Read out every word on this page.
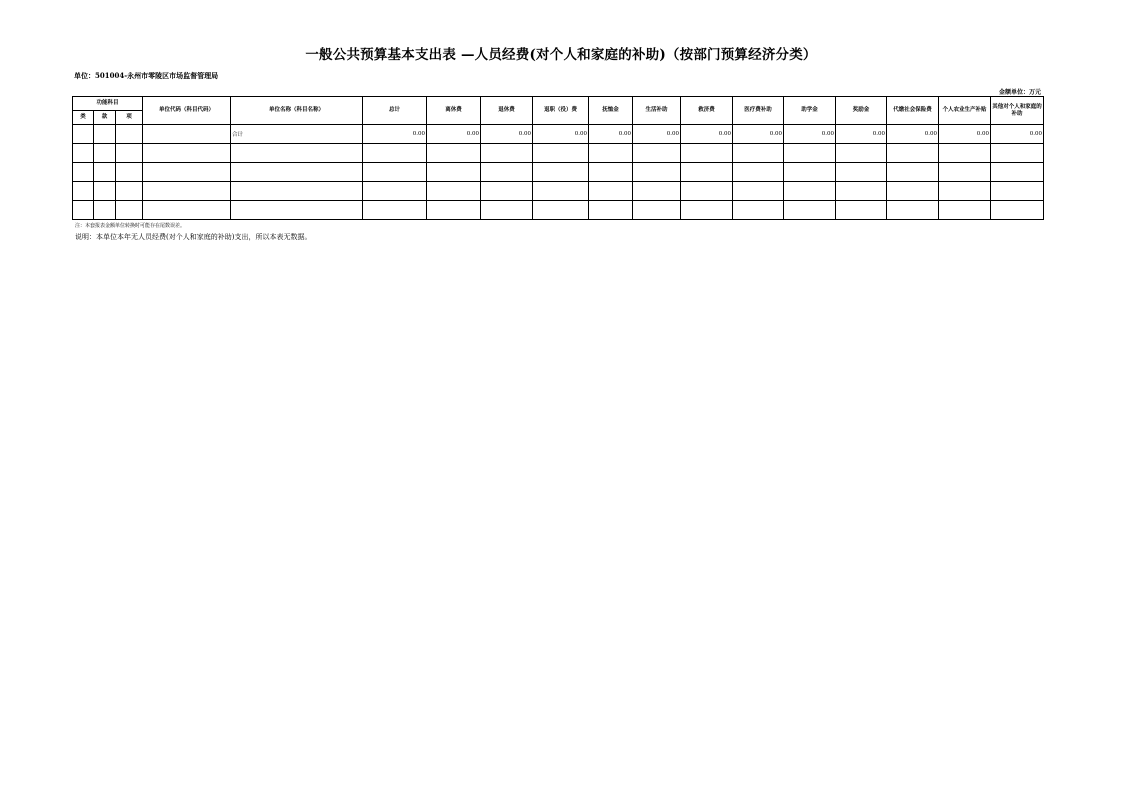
一般公共预算基本支出表 —人员经费(对个人和家庭的补助)（按部门预算经济分类）
单位：501004-永州市零陵区市场监督管理局
金额单位：万元
功能科目			单位代码（科目代码）	单位名称（科目名称）	总计	离休费	退休费	退职（役）费	抚恤金	生活补助	救济费	医疗费补助	助学金	奖励金	代缴社会保险费	个人农业生产补贴	其他对个人和家庭的补助
类	款	项															
				合计	0.00	0.00	0.00	0.00	0.00	0.00	0.00	0.00	0.00	0.00	0.00	0.00	0.00

注：本套报表金额单位转换时可能存在尾数误差。
说明：本单位本年无人员经费(对个人和家庭的补助)支出，所以本表无数据。
